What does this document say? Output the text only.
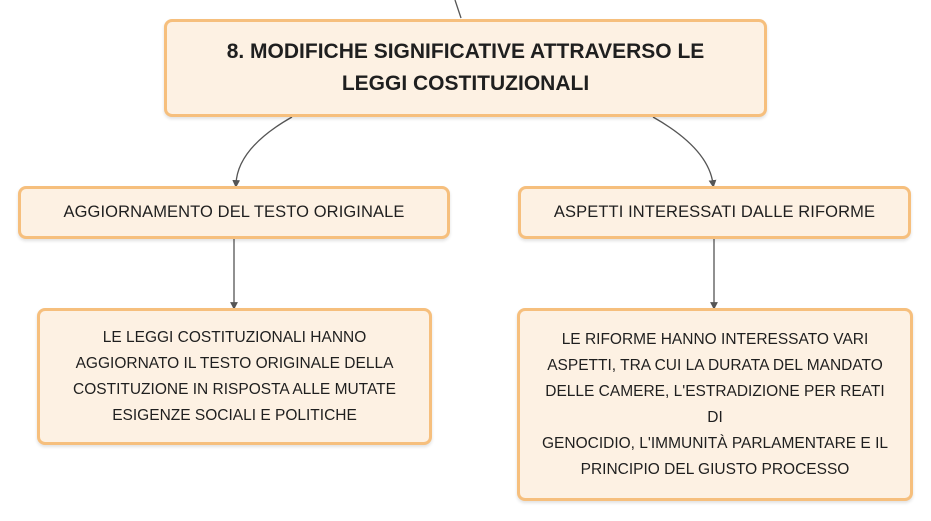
8. MODIFICHE SIGNIFICATIVE ATTRAVERSO LE
LEGGI COSTITUZIONALI
AGGIORNAMENTO DEL TESTO ORIGINALE	ASPETTI INTERESSATI DALLE RIFORME
LE LEGGI COSTITUZIONALI HANNO
AGGIORNATO IL TESTO ORIGINALE DELLA
COSTITUZIONE IN RISPOSTA ALLE MUTATE
ESIGENZE SOCIALI E POLITICHE
LE RIFORME HANNO INTERESSATO VARI
ASPETTI, TRA CUI LA DURATA DEL MANDATO
DELLE CAMERE, L'ESTRADIZIONE PER REATI DI
GENOCIDIO, L'IMMUNITÀ PARLAMENTARE E IL
PRINCIPIO DEL GIUSTO PROCESSO
